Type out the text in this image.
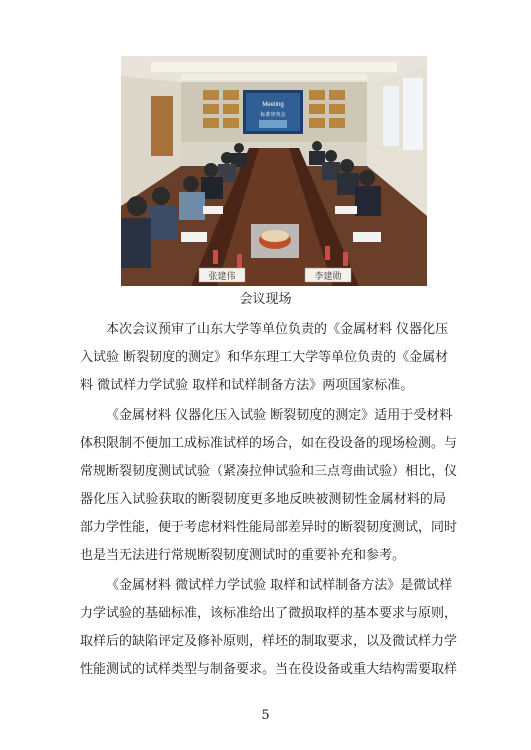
Meeting
标准审查会
张建伟	李建勋
会议现场
本次会议预审了山东大学等单位负责的《金属材料 仪器化压
入试验 断裂韧度的测定》和华东理工大学等单位负责的《金属材
料 微试样力学试验 取样和试样制备方法》两项国家标准。
《金属材料 仪器化压入试验 断裂韧度的测定》适用于受材料
体积限制不便加工成标准试样的场合，如在役设备的现场检测。与
常规断裂韧度测试试验（紧凑拉伸试验和三点弯曲试验）相比，仪
器化压入试验获取的断裂韧度更多地反映被测韧性金属材料的局
部力学性能，便于考虑材料性能局部差异时的断裂韧度测试，同时
也是当无法进行常规断裂韧度测试时的重要补充和参考。
《金属材料 微试样力学试验 取样和试样制备方法》是微试样
力学试验的基础标准，该标准给出了微损取样的基本要求与原则，
取样后的缺陷评定及修补原则，样坯的制取要求，以及微试样力学
性能测试的试样类型与制备要求。当在役设备或重大结构需要取样
5
